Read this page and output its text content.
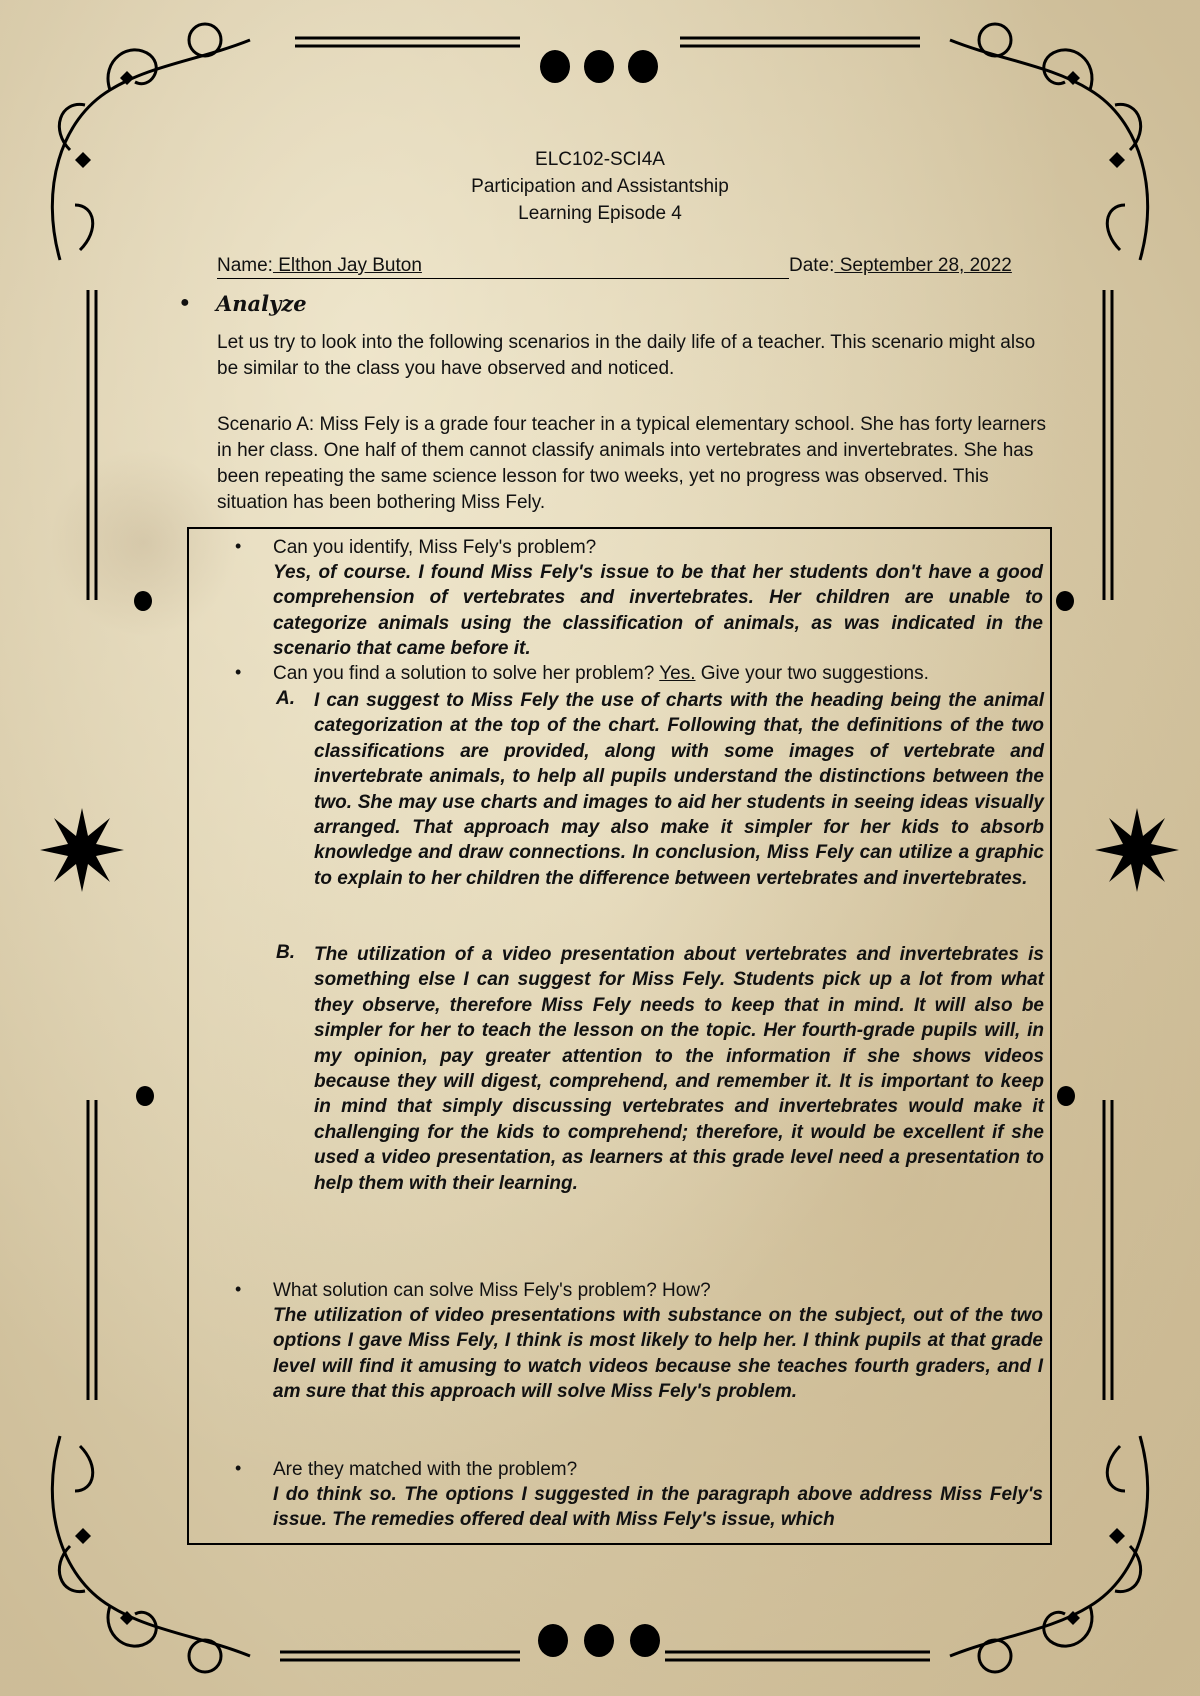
ELC102-SCI4A
Participation and Assistantship
Learning Episode 4
Name: Elthon Jay Buton	Date: September 28, 2022
● Analyze
Let us try to look into the following scenarios in the daily life of a teacher. This scenario might also be similar to the class you have observed and noticed.
Scenario A: Miss Fely is a grade four teacher in a typical elementary school. She has forty learners in her class. One half of them cannot classify animals into vertebrates and invertebrates. She has been repeating the same science lesson for two weeks, yet no progress was observed. This situation has been bothering Miss Fely.
• Can you identify, Miss Fely's problem?
Yes, of course. I found Miss Fely's issue to be that her students don't have a good comprehension of vertebrates and invertebrates. Her children are unable to categorize animals using the classification of animals, as was indicated in the scenario that came before it.
• Can you find a solution to solve her problem? Yes. Give your two suggestions.
A. I can suggest to Miss Fely the use of charts with the heading being the animal categorization at the top of the chart. Following that, the definitions of the two classifications are provided, along with some images of vertebrate and invertebrate animals, to help all pupils understand the distinctions between the two. She may use charts and images to aid her students in seeing ideas visually arranged. That approach may also make it simpler for her kids to absorb knowledge and draw connections. In conclusion, Miss Fely can utilize a graphic to explain to her children the difference between vertebrates and invertebrates.
B. The utilization of a video presentation about vertebrates and invertebrates is something else I can suggest for Miss Fely. Students pick up a lot from what they observe, therefore Miss Fely needs to keep that in mind. It will also be simpler for her to teach the lesson on the topic. Her fourth-grade pupils will, in my opinion, pay greater attention to the information if she shows videos because they will digest, comprehend, and remember it. It is important to keep in mind that simply discussing vertebrates and invertebrates would make it challenging for the kids to comprehend; therefore, it would be excellent if she used a video presentation, as learners at this grade level need a presentation to help them with their learning.
• What solution can solve Miss Fely's problem? How?
The utilization of video presentations with substance on the subject, out of the two options I gave Miss Fely, I think is most likely to help her. I think pupils at that grade level will find it amusing to watch videos because she teaches fourth graders, and I am sure that this approach will solve Miss Fely's problem.
• Are they matched with the problem?
I do think so. The options I suggested in the paragraph above address Miss Fely's issue. The remedies offered deal with Miss Fely's issue, which
